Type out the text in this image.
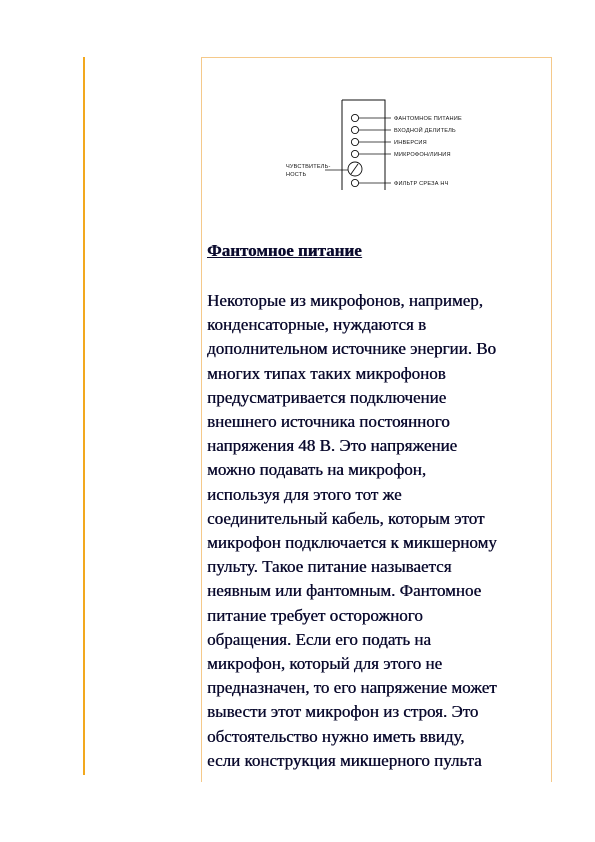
ФАНТОМНОЕ ПИТАНИЕ
ВХОДНОЙ ДЕЛИТЕЛЬ
ИНВЕРСИЯ
МИКРОФОН/ЛИНИЯ
ФИЛЬТР СРЕЗА НЧ
ЧУВСТВИТЕЛЬ-
НОСТЬ
Фантомное питание
Некоторые из микрофонов, например,
конденсаторные, нуждаются в
дополнительном источнике энергии. Во
многих типах таких микрофонов
предусматривается подключение
внешнего источника постоянного
напряжения 48 В. Это напряжение
можно подавать на микрофон,
используя для этого тот же
соединительный кабель, которым этот
микрофон подключается к микшерному
пульту. Такое питание называется
неявным или фантомным. Фантомное
питание требует осторожного
обращения. Если его подать на
микрофон, который для этого не
предназначен, то его напряжение может
вывести этот микрофон из строя. Это
обстоятельство нужно иметь ввиду,
если конструкция микшерного пульта
